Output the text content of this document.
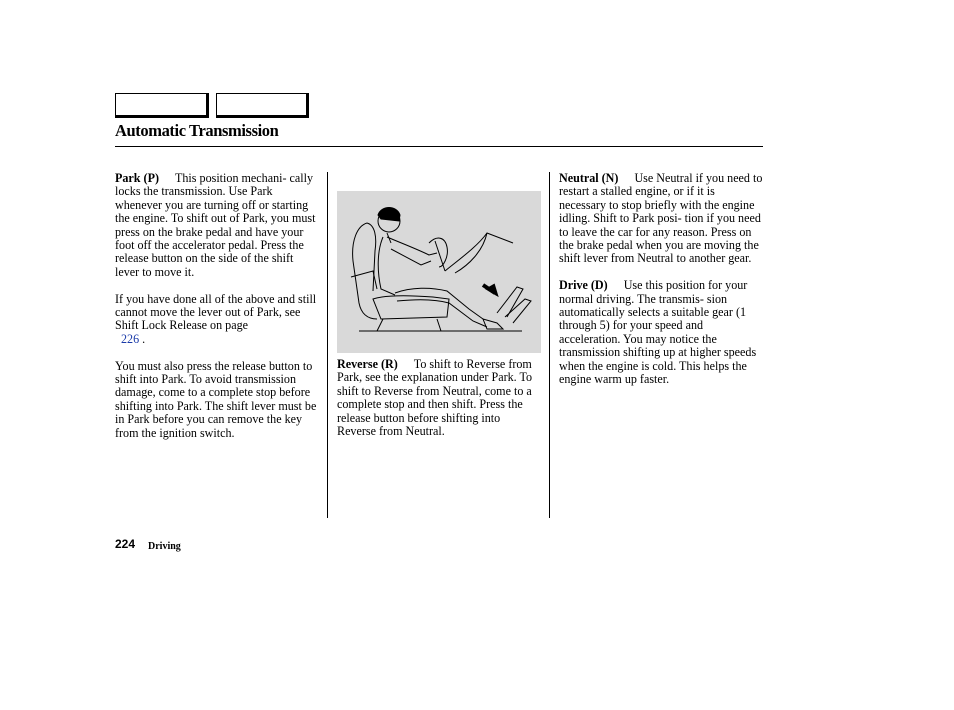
Automatic Transmission

Park (P) This position mechani- cally locks the transmission. Use Park whenever you are turning off or starting the engine. To shift out of Park, you must press on the brake pedal and have your foot off the accelerator pedal. Press the release button on the side of the shift lever to move it.

If you have done all of the above and still cannot move the lever out of Park, see Shift Lock Release on page
226 .

You must also press the release button to shift into Park. To avoid transmission damage, come to a complete stop before shifting into Park. The shift lever must be in Park before you can remove the key from the ignition switch.

Reverse (R) To shift to Reverse from Park, see the explanation under Park. To shift to Reverse from Neutral, come to a complete stop and then shift. Press the release button before shifting into Reverse from Neutral.

Neutral (N) Use Neutral if you need to restart a stalled engine, or if it is necessary to stop briefly with the engine idling. Shift to Park posi- tion if you need to leave the car for any reason. Press on the brake pedal when you are moving the shift lever from Neutral to another gear.

Drive (D) Use this position for your normal driving. The transmis- sion automatically selects a suitable gear (1 through 5) for your speed and acceleration. You may notice the transmission shifting up at higher speeds when the engine is cold. This helps the engine warm up faster.

224 Driving
